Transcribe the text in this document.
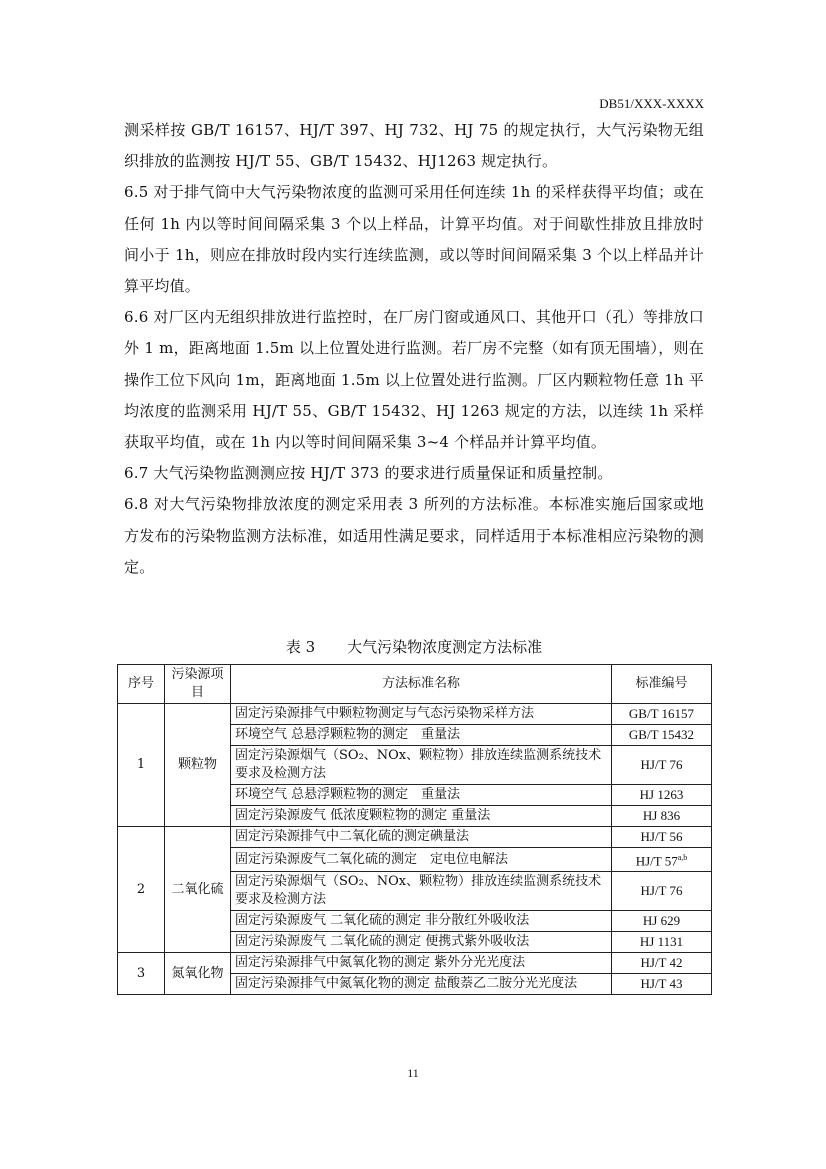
DB51/XXX-XXXX

测采样按 GB/T 16157、HJ/T 397、HJ 732、HJ 75 的规定执行，大气污染物无组织排放的监测按 HJ/T 55、GB/T 15432、HJ1263 规定执行。

6.5 对于排气筒中大气污染物浓度的监测可采用任何连续 1h 的采样获得平均值；或在任何 1h 内以等时间间隔采集 3 个以上样品，计算平均值。对于间歇性排放且排放时间小于 1h，则应在排放时段内实行连续监测，或以等时间间隔采集 3 个以上样品并计算平均值。

6.6 对厂区内无组织排放进行监控时，在厂房门窗或通风口、其他开口（孔）等排放口外 1 m，距离地面 1.5m 以上位置处进行监测。若厂房不完整（如有顶无围墙），则在操作工位下风向 1m，距离地面 1.5m 以上位置处进行监测。厂区内颗粒物任意 1h 平均浓度的监测采用 HJ/T 55、GB/T 15432、HJ 1263 规定的方法，以连续 1h 采样获取平均值，或在 1h 内以等时间间隔采集 3~4 个样品并计算平均值。

6.7 大气污染物监测测应按 HJ/T 373 的要求进行质量保证和质量控制。

6.8 对大气污染物排放浓度的测定采用表 3 所列的方法标准。本标准实施后国家或地方发布的污染物监测方法标准，如适用性满足要求，同样适用于本标准相应污染物的测定。

表 3 大气污染物浓度测定方法标准
序号	污染源项目	方法标准名称	标准编号
1	颗粒物	固定污染源排气中颗粒物测定与气态污染物采样方法	GB/T 16157
		环境空气 总悬浮颗粒物的测定　重量法	GB/T 15432
		固定污染源烟气（SO₂、NOx、颗粒物）排放连续监测系统技术要求及检测方法	HJ/T 76
		环境空气 总悬浮颗粒物的测定　重量法	HJ 1263
		固定污染源废气 低浓度颗粒物的测定 重量法	HJ 836
2	二氧化硫	固定污染源排气中二氧化硫的测定碘量法	HJ/T 56
		固定污染源废气二氧化硫的测定　定电位电解法	HJ/T 57$^{a,b}$
		固定污染源烟气（SO₂、NOx、颗粒物）排放连续监测系统技术要求及检测方法	HJ/T 76
		固定污染源废气 二氧化硫的测定 非分散红外吸收法	HJ 629
		固定污染源废气 二氧化硫的测定 便携式紫外吸收法	HJ 1131
3	氮氧化物	固定污染源排气中氮氧化物的测定 紫外分光光度法	HJ/T 42
		固定污染源排气中氮氧化物的测定 盐酸萘乙二胺分光光度法	HJ/T 43
11
